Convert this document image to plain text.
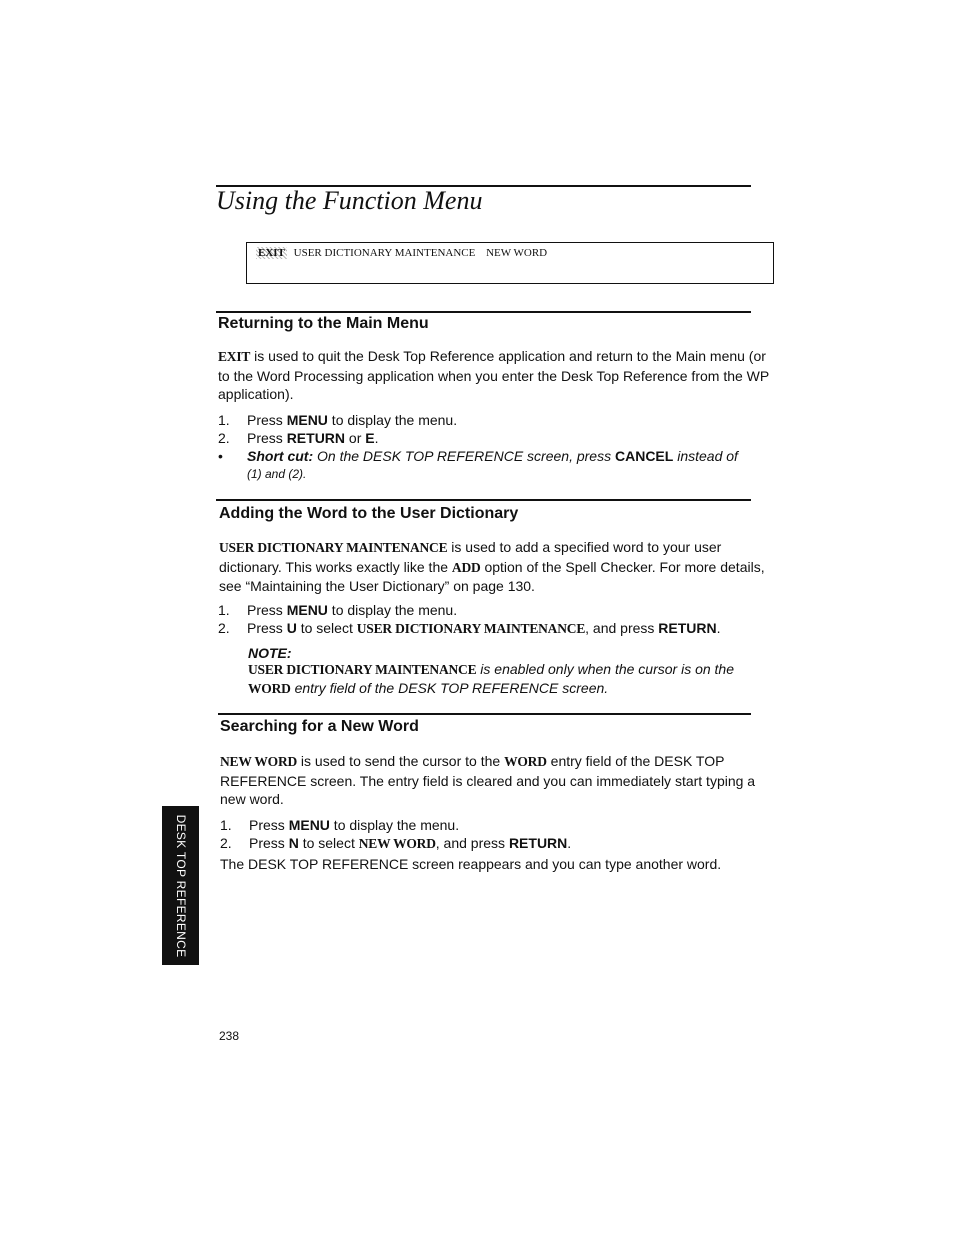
Using the Function Menu
EXIT USER DICTIONARY MAINTENANCE NEW WORD
Returning to the Main Menu
EXIT is used to quit the Desk Top Reference application and return to the Main menu (or to the Word Processing application when you enter the Desk Top Reference from the WP application).
1. Press MENU to display the menu.
2. Press RETURN or E.
• Short cut: On the DESK TOP REFERENCE screen, press CANCEL instead of
(1) and (2).
Adding the Word to the User Dictionary
USER DICTIONARY MAINTENANCE is used to add a specified word to your user dictionary. This works exactly like the ADD option of the Spell Checker. For more details, see “Maintaining the User Dictionary” on page 130.
1. Press MENU to display the menu.
2. Press U to select USER DICTIONARY MAINTENANCE, and press RETURN.
NOTE:
USER DICTIONARY MAINTENANCE is enabled only when the cursor is on the
WORD entry field of the DESK TOP REFERENCE screen.
Searching for a New Word
NEW WORD is used to send the cursor to the WORD entry field of the DESK TOP REFERENCE screen. The entry field is cleared and you can immediately start typing a new word.
1. Press MENU to display the menu.
2. Press N to select NEW WORD, and press RETURN.
The DESK TOP REFERENCE screen reappears and you can type another word.
DESK TOP REFERENCE
238
